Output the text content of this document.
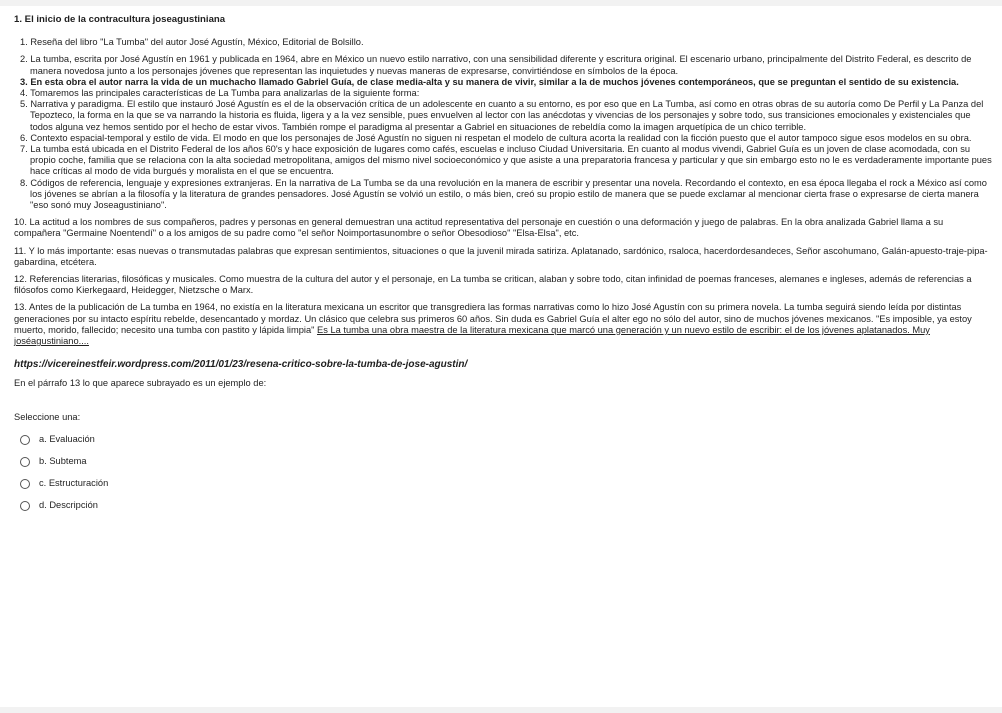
1. El inicio de la contracultura joseagustiniana
1. Reseña del libro "La Tumba" del autor José Agustín, México, Editorial de Bolsillo.
2. La tumba, escrita por José Agustín en 1961 y publicada en 1964, abre en México un nuevo estilo narrativo, con una sensibilidad diferente y escritura original. El escenario urbano, principalmente del Distrito Federal, es descrito de manera novedosa junto a los personajes jóvenes que representan las inquietudes y nuevas maneras de expresarse, convirtiéndose en símbolos de la época.
3. En esta obra el autor narra la vida de un muchacho llamado Gabriel Guía, de clase media-alta y su manera de vivir, similar a la de muchos jóvenes contemporáneos, que se preguntan el sentido de su existencia.
4. Tomaremos las principales características de La Tumba para analizarlas de la siguiente forma:
5. Narrativa y paradigma. El estilo que instauró José Agustín es el de la observación crítica de un adolescente en cuanto a su entorno, es por eso que en La Tumba, así como en otras obras de su autoría como De Perfil y La Panza del Tepozteco, la forma en la que se va narrando la historia es fluida, ligera y a la vez sensible, pues envuelven al lector con las anécdotas y vivencias de los personajes y sobre todo, sus transiciones emocionales y existenciales que todos alguna vez hemos sentido por el hecho de estar vivos. También rompe el paradigma al presentar a Gabriel en situaciones de rebeldía como la imagen arquetípica de un chico terrible.
6. Contexto espacial-temporal y estilo de vida. El modo en que los personajes de José Agustín no siguen ni respetan el modelo de cultura acorta la realidad con la ficción puesto que el autor tampoco sigue esos modelos en su obra.
7. La tumba está ubicada en el Distrito Federal de los años 60's y hace exposición de lugares como cafés, escuelas e incluso Ciudad Universitaria. En cuanto al modus vivendi, Gabriel Guía es un joven de clase acomodada, con su propio coche, familia que se relaciona con la alta sociedad metropolitana, amigos del mismo nivel socioeconómico y que asiste a una preparatoria francesa y particular y que sin embargo esto no le es verdaderamente importante pues hace críticas al modo de vida burgués y moralista en el que se encuentra.
8. Códigos de referencia, lenguaje y expresiones extranjeras. En la narrativa de La Tumba se da una revolución en la manera de escribir y presentar una novela. Recordando el contexto, en esa época llegaba el rock a México así como los jóvenes se abrían a la filosofía y la literatura de grandes pensadores. José Agustín se volvió un estilo, o más bien, creó su propio estilo de manera que se puede exclamar al mencionar cierta frase o expresarse de cierta manera "eso sonó muy Joseagustiniano".

10. La actitud a los nombres de sus compañeros, padres y personas en general demuestran una actitud representativa del personaje en cuestión o una deformación y juego de palabras. En la obra analizada Gabriel llama a su compañera "Germaine Noentendí" o a los amigos de su padre como "el señor Noimportasunombre o señor Obesodioso" "Elsa-Elsa", etc.

11. Y lo más importante: esas nuevas o transmutadas palabras que expresan sentimientos, situaciones o que la juvenil mirada satiriza. Aplatanado, sardónico, rsaloca, hacerdordesandeces, Señor ascohumano, Galán-apuesto-traje-pipa-gabardina, etcétera.

12. Referencias literarias, filosóficas y musicales. Como muestra de la cultura del autor y el personaje, en La tumba se critican, alaban y sobre todo, citan infinidad de poemas franceses, alemanes e ingleses, además de referencias a filósofos como Kierkegaard, Heidegger, Nietzsche o Marx.

13. Antes de la publicación de La tumba en 1964, no existía en la literatura mexicana un escritor que transgrediera las formas narrativas como lo hizo José Agustín con su primera novela. La tumba seguirá siendo leída por distintas generaciones por su intacto espíritu rebelde, desencantado y mordaz. Un clásico que celebra sus primeros 60 años. Sin duda es Gabriel Guía el alter ego no sólo del autor, sino de muchos jóvenes mexicanos. "Es imposible, ya estoy muerto, morido, fallecido; necesito una tumba con pastito y lápida limpia" Es La tumba una obra maestra de la literatura mexicana que marcó una generación y un nuevo estilo de escribir: el de los jóvenes aplatanados. Muy joséagustiniano....

https://vicereinestfeir.wordpress.com/2011/01/23/resena-critico-sobre-la-tumba-de-jose-agustin/
En el párrafo 13 lo que aparece subrayado es un ejemplo de:
Seleccione una:
a. Evaluación
b. Subtema
c. Estructuración
d. Descripción
